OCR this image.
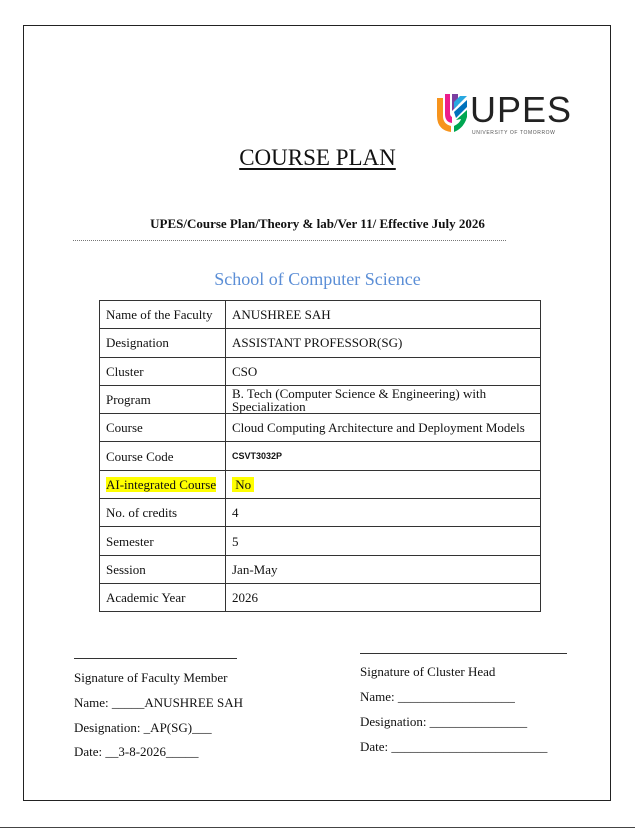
UPES
UNIVERSITY OF TOMORROW
COURSE PLAN
UPES/Course Plan/Theory & lab/Ver 11/ Effective July 2026
School of Computer Science
Name of the Faculty	ANUSHREE SAH
Designation	ASSISTANT PROFESSOR(SG)
Cluster	CSO
Program	B. Tech (Computer Science & Engineering) with Specialization
Course	Cloud Computing Architecture and Deployment Models
Course Code	CSVT3032P
AI-integrated Course	No
No. of credits	4
Semester	5
Session	Jan-May
Academic Year	2026
Signature of Faculty Member
Name: _____ANUSHREE SAH
Designation: _AP(SG)___
Date: __3-8-2026_____
Signature of Cluster Head
Name: __________________
Designation: _______________
Date: ________________________
